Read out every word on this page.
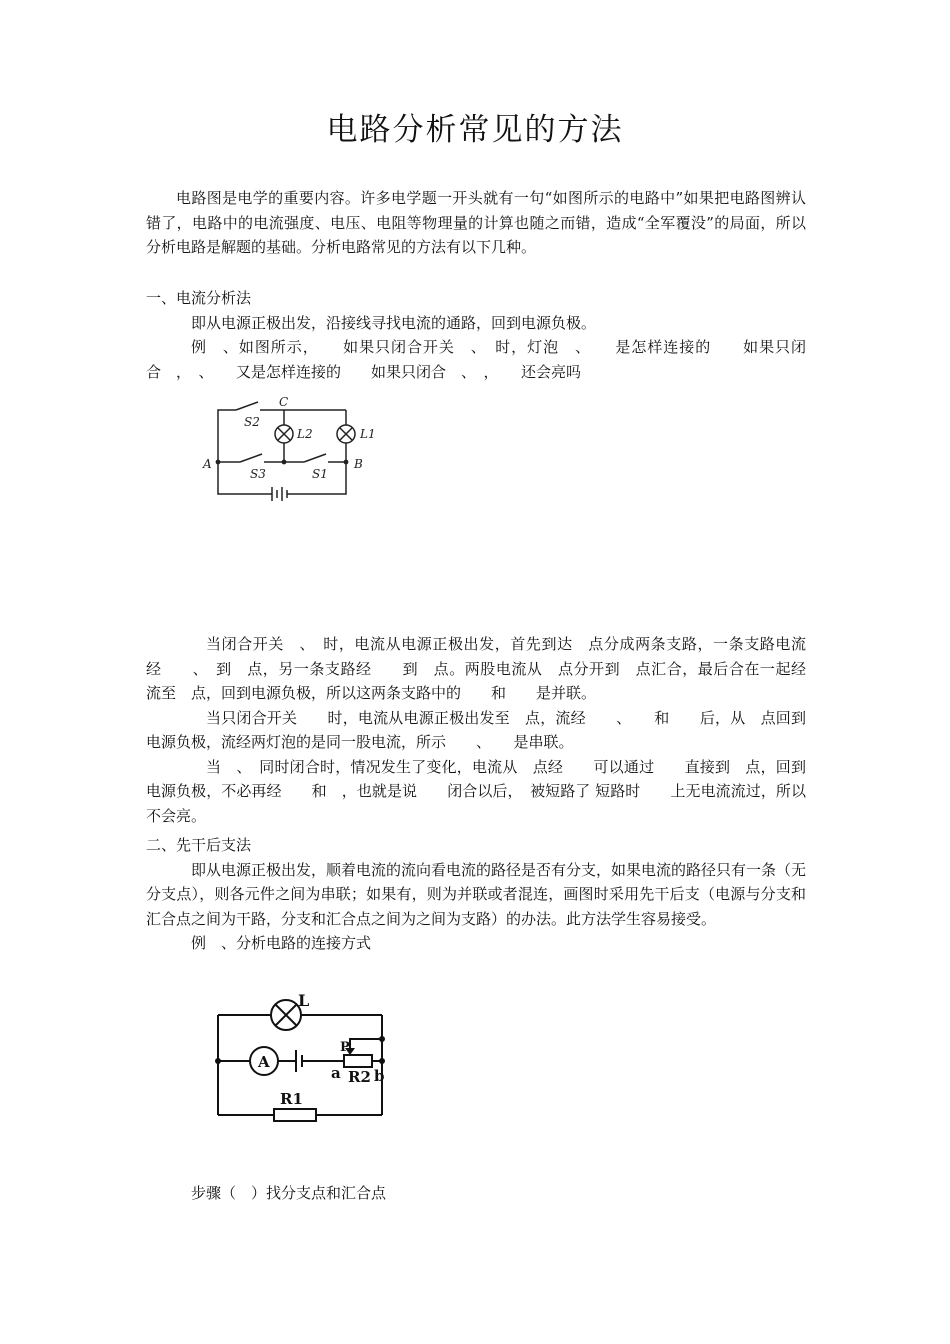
电路分析常见的方法

电路图是电学的重要内容。许多电学题一开头就有一句“如图所示的电路中”如果把电路图辨认错了，电路中的电流强度、电压、电阻等物理量的计算也随之而错，造成“全军覆没”的局面，所以分析电路是解题的基础。分析电路常见的方法有以下几种。

一、电流分析法

即从电源正极出发，沿接线寻找电流的通路，回到电源负极。

例　、如图所示，　　如果只闭合开关　、　时，灯泡　、　　是怎样连接的　　如果只闭合　，　、　　又是怎样连接的　　如果只闭合　、　，　　还会亮吗

S2
C
L2	L1
A	B
S3	S1

当闭合开关　、　时，电流从电源正极出发，首先到达　点分成两条支路，一条支路电流经　　、　到　点，另一条支路经　　到　点。两股电流从　点分开到　点汇合，最后合在一起经　流至　点，回到电源负极，所以这两条支路中的　　和　　是并联。

当只闭合开关　　时，电流从电源正极出发至　点，流经　　、　　和　　后，从　点回到电源负极，流经两灯泡的是同一股电流，所示　　、　　是串联。

当　、　同时闭合时，情况发生了变化，电流从　点经　　可以通过　　直接到　点，回到电源负极，不必再经　　和　，也就是说　　闭合以后，　被短路了 短路时　　上无电流流过，所以　　不会亮。

二、先干后支法

即从电源正极出发，顺着电流的流向看电流的路径是否有分支，如果电流的路径只有一条（无分支点），则各元件之间为串联；如果有，则为并联或者混连，画图时采用先干后支（电源与分支和汇合点之间为干路，分支和汇合点之间为之间为支路）的办法。此方法学生容易接受。

例　、分析电路的连接方式

L
A
P
a R2 b
R1

步骤（　）找分支点和汇合点
